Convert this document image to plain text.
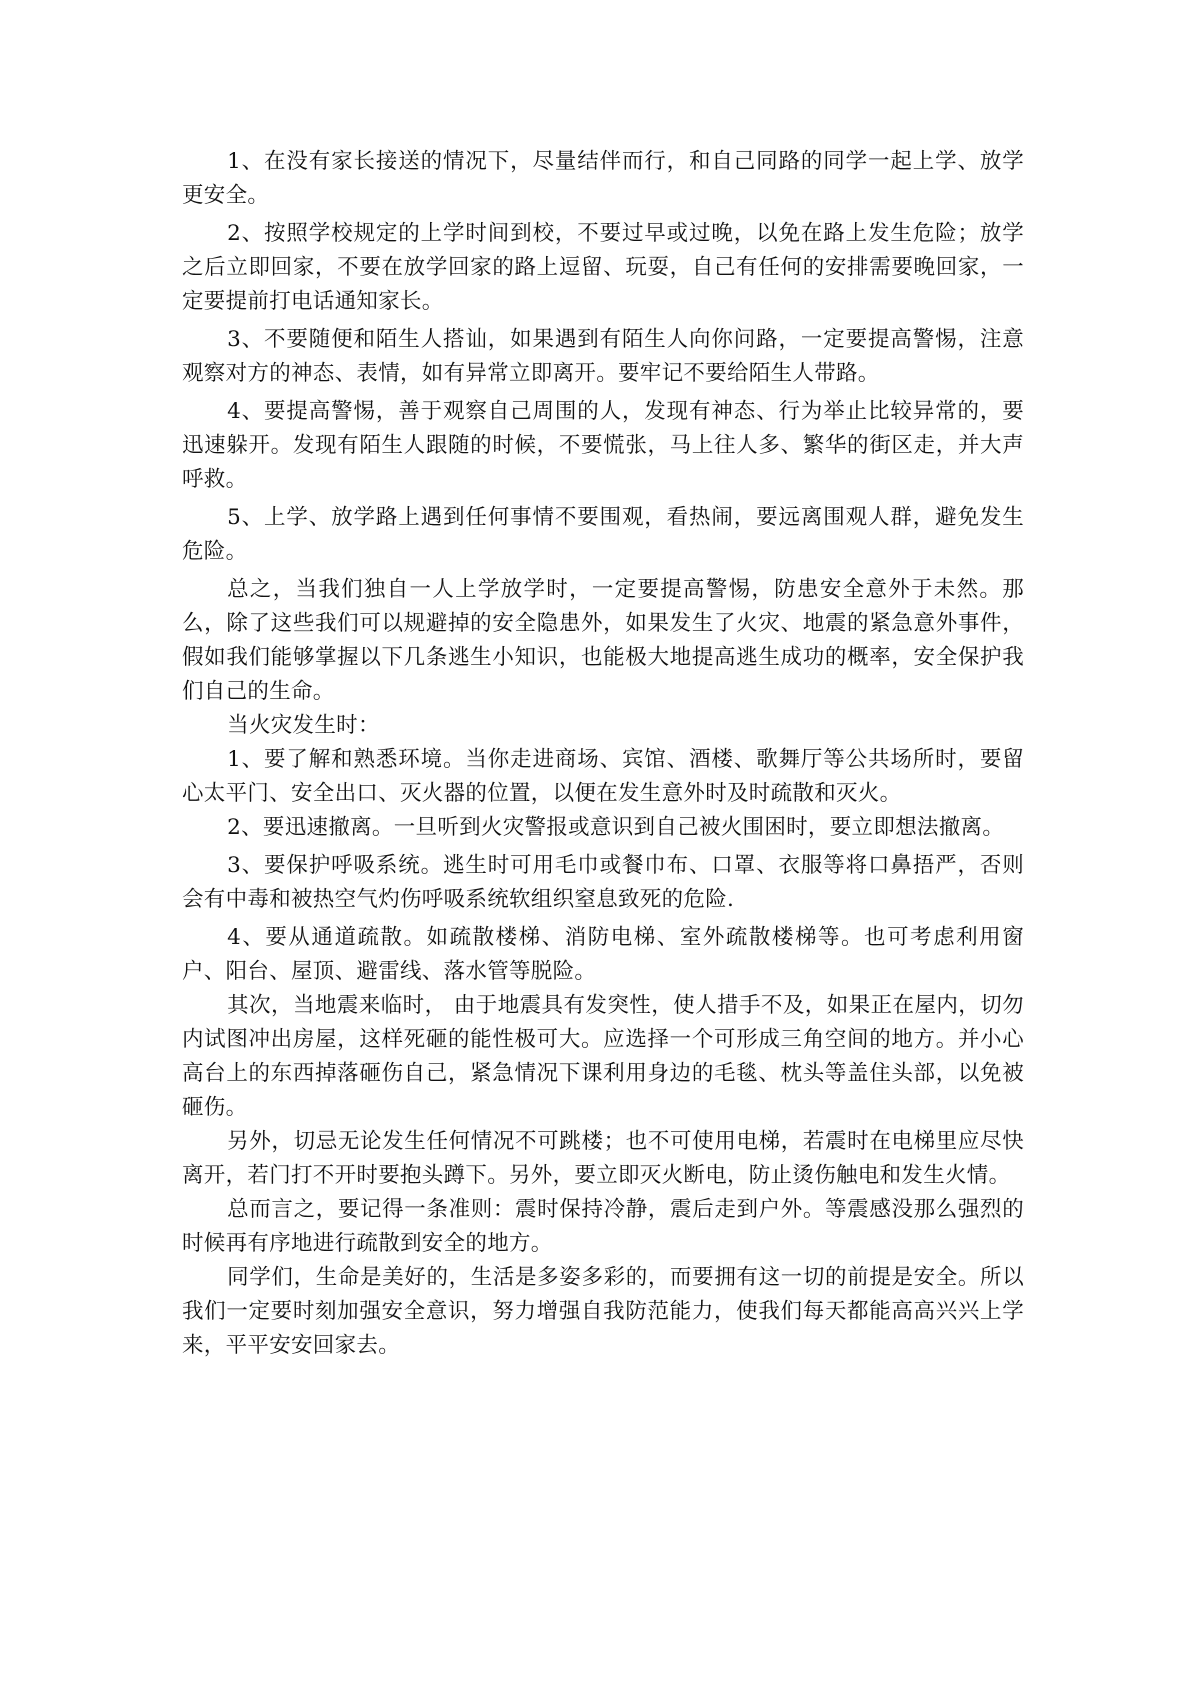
1、在没有家长接送的情况下，尽量结伴而行，和自己同路的同学一起上学、放学更安全。

2、按照学校规定的上学时间到校，不要过早或过晚，以免在路上发生危险；放学之后立即回家，不要在放学回家的路上逗留、玩耍，自己有任何的安排需要晚回家，一定要提前打电话通知家长。

3、不要随便和陌生人搭讪，如果遇到有陌生人向你问路，一定要提高警惕，注意观察对方的神态、表情，如有异常立即离开。要牢记不要给陌生人带路。

4、要提高警惕，善于观察自己周围的人，发现有神态、行为举止比较异常的，要迅速躲开。发现有陌生人跟随的时候，不要慌张，马上往人多、繁华的街区走，并大声呼救。

5、上学、放学路上遇到任何事情不要围观，看热闹，要远离围观人群，避免发生危险。

总之，当我们独自一人上学放学时，一定要提高警惕，防患安全意外于未然。那么，除了这些我们可以规避掉的安全隐患外，如果发生了火灾、地震的紧急意外事件，假如我们能够掌握以下几条逃生小知识，也能极大地提高逃生成功的概率，安全保护我们自己的生命。

当火灾发生时：

1、要了解和熟悉环境。当你走进商场、宾馆、酒楼、歌舞厅等公共场所时，要留心太平门、安全出口、灭火器的位置，以便在发生意外时及时疏散和灭火。

2、要迅速撤离。一旦听到火灾警报或意识到自己被火围困时，要立即想法撤离。

3、要保护呼吸系统。逃生时可用毛巾或餐巾布、口罩、衣服等将口鼻捂严，否则会有中毒和被热空气灼伤呼吸系统软组织窒息致死的危险.

4、要从通道疏散。如疏散楼梯、消防电梯、室外疏散楼梯等。也可考虑利用窗户、阳台、屋顶、避雷线、落水管等脱险。

其次，当地震来临时， 由于地震具有发突性，使人措手不及，如果正在屋内，切勿内试图冲出房屋，这样死砸的能性极可大。应选择一个可形成三角空间的地方。并小心高台上的东西掉落砸伤自己，紧急情况下课利用身边的毛毯、枕头等盖住头部，以免被砸伤。

另外，切忌无论发生任何情况不可跳楼；也不可使用电梯，若震时在电梯里应尽快离开，若门打不开时要抱头蹲下。另外，要立即灭火断电，防止烫伤触电和发生火情。

总而言之，要记得一条准则：震时保持冷静，震后走到户外。等震感没那么强烈的时候再有序地进行疏散到安全的地方。

同学们，生命是美好的，生活是多姿多彩的，而要拥有这一切的前提是安全。所以我们一定要时刻加强安全意识，努力增强自我防范能力，使我们每天都能高高兴兴上学来，平平安安回家去。
